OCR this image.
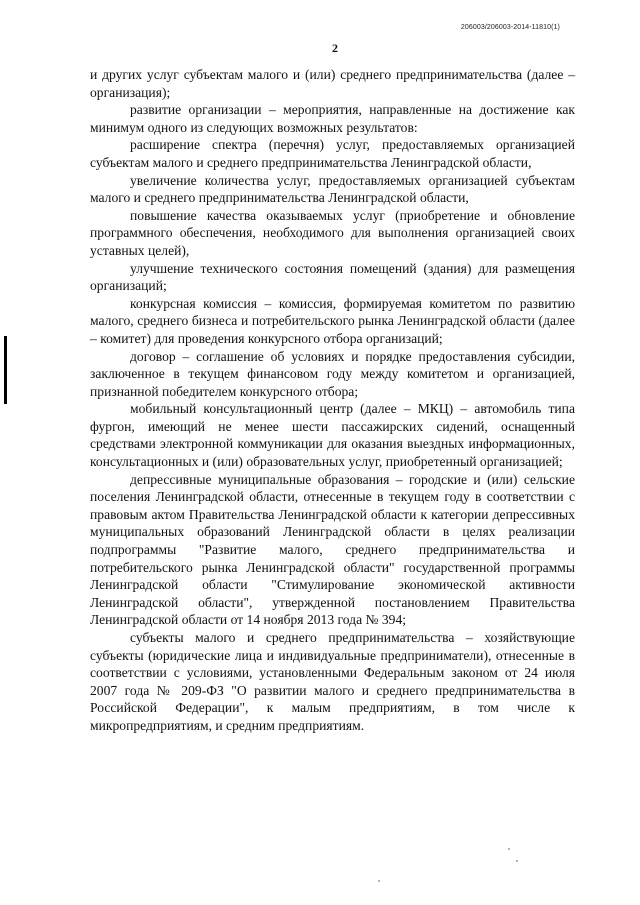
206003/206003-2014-11810(1)
2

и других услуг субъектам малого и (или) среднего предпринимательства (далее – организация);

развитие организации – мероприятия, направленные на достижение как минимум одного из следующих возможных результатов:

расширение спектра (перечня) услуг, предоставляемых организацией субъектам малого и среднего предпринимательства Ленинградской области,

увеличение количества услуг, предоставляемых организацией субъектам малого и среднего предпринимательства Ленинградской области,

повышение качества оказываемых услуг (приобретение и обновление программного обеспечения, необходимого для выполнения организацией своих уставных целей),

улучшение технического состояния помещений (здания) для размещения организаций;

конкурсная комиссия – комиссия, формируемая комитетом по развитию малого, среднего бизнеса и потребительского рынка Ленинградской области (далее – комитет) для проведения конкурсного отбора организаций;

договор – соглашение об условиях и порядке предоставления субсидии, заключенное в текущем финансовом году между комитетом и организацией, признанной победителем конкурсного отбора;

мобильный консультационный центр (далее – МКЦ) – автомобиль типа фургон, имеющий не менее шести пассажирских сидений, оснащенный средствами электронной коммуникации для оказания выездных информационных, консультационных и (или) образовательных услуг, приобретенный организацией;

депрессивные муниципальные образования – городские и (или) сельские поселения Ленинградской области, отнесенные в текущем году в соответствии с правовым актом Правительства Ленинградской области к категории депрессивных муниципальных образований Ленинградской области в целях реализации подпрограммы "Развитие малого, среднего предпринимательства и потребительского рынка Ленинградской области" государственной программы Ленинградской области "Стимулирование экономической активности Ленинградской области", утвержденной постановлением Правительства Ленинградской области от 14 ноября 2013 года № 394;

субъекты малого и среднего предпринимательства – хозяйствующие субъекты (юридические лица и индивидуальные предприниматели), отнесенные в соответствии с условиями, установленными Федеральным законом от 24 июля 2007 года № 209-ФЗ "О развитии малого и среднего предпринимательства в Российской Федерации", к малым предприятиям, в том числе к микропредприятиям, и средним предприятиям.
